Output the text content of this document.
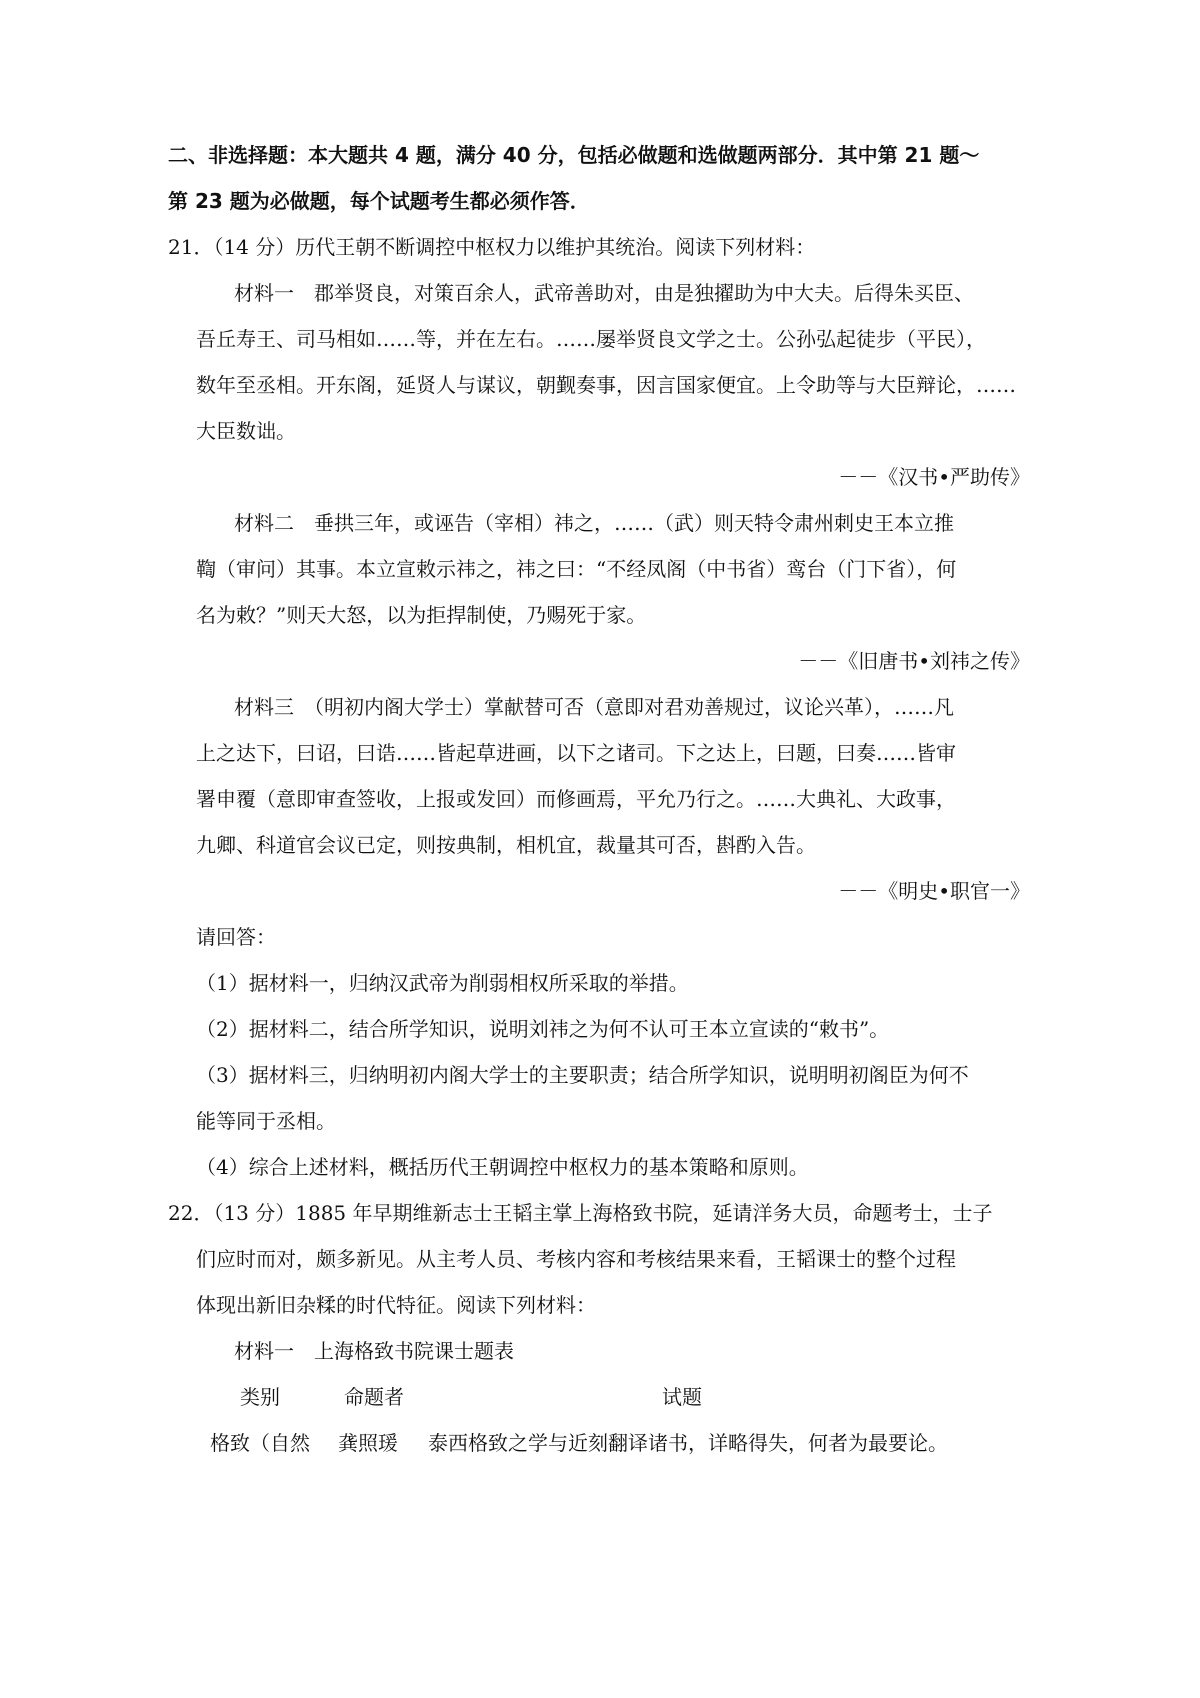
二、非选择题：本大题共 4 题，满分 40 分，包括必做题和选做题两部分．其中第 21 题～
第 23 题为必做题，每个试题考生都必须作答．
21．（14 分）历代王朝不断调控中枢权力以维护其统治。阅读下列材料：
材料一　郡举贤良，对策百余人，武帝善助对，由是独擢助为中大夫。后得朱买臣、
吾丘寿王、司马相如……等，并在左右。……屡举贤良文学之士。公孙弘起徒步（平民），
数年至丞相。开东阁，延贤人与谋议，朝觐奏事，因言国家便宜。上令助等与大臣辩论，……
大臣数诎。
－－《汉书•严助传》
材料二　垂拱三年，或诬告（宰相）祎之，……（武）则天特令肃州刺史王本立推
鞫（审问）其事。本立宣敕示祎之，祎之曰：“不经凤阁（中书省）鸾台（门下省），何
名为敕？”则天大怒，以为拒捍制使，乃赐死于家。
－－《旧唐书•刘祎之传》
材料三　（明初内阁大学士）掌献替可否（意即对君劝善规过，议论兴革），……凡
上之达下，曰诏，曰诰……皆起草进画，以下之诸司。下之达上，曰题，曰奏……皆审
署申覆（意即审查签收，上报或发回）而修画焉，平允乃行之。……大典礼、大政事，
九卿、科道官会议已定，则按典制，相机宜，裁量其可否，斟酌入告。
－－《明史•职官一》
请回答：
（1）据材料一，归纳汉武帝为削弱相权所采取的举措。
（2）据材料二，结合所学知识，说明刘祎之为何不认可王本立宣读的“敕书”。
（3）据材料三，归纳明初内阁大学士的主要职责；结合所学知识，说明明初阁臣为何不
能等同于丞相。
（4）综合上述材料，概括历代王朝调控中枢权力的基本策略和原则。
22．（13 分）1885 年早期维新志士王韬主掌上海格致书院，延请洋务大员，命题考士，士子
们应时而对，颇多新见。从主考人员、考核内容和考核结果来看，王韬课士的整个过程
体现出新旧杂糅的时代特征。阅读下列材料：
材料一　上海格致书院课士题表
类别	命题者	试题
格致（自然 龚照瑗 泰西格致之学与近刻翻译诸书，详略得失，何者为最要论。
